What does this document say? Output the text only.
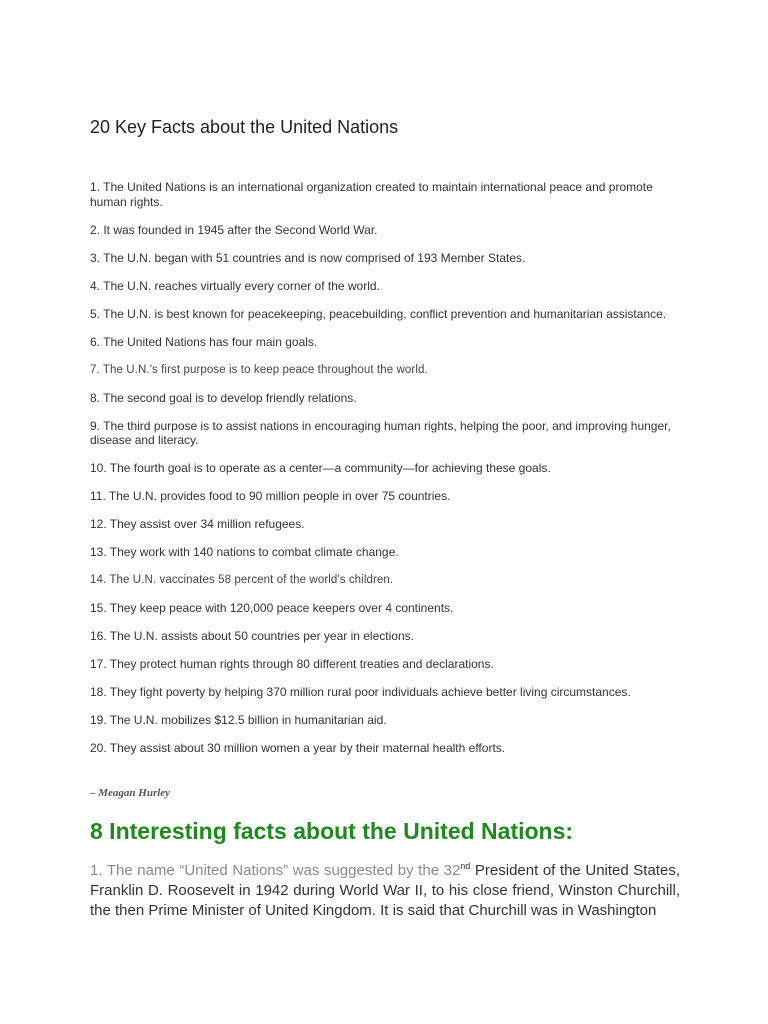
20 Key Facts about the United Nations
1. The United Nations is an international organization created to maintain international peace and promote human rights.
2. It was founded in 1945 after the Second World War.
3. The U.N. began with 51 countries and is now comprised of 193 Member States.
4. The U.N. reaches virtually every corner of the world.
5. The U.N. is best known for peacekeeping, peacebuilding, conflict prevention and humanitarian assistance.
6. The United Nations has four main goals.
7. The U.N.'s first purpose is to keep peace throughout the world.
8. The second goal is to develop friendly relations.
9. The third purpose is to assist nations in encouraging human rights, helping the poor, and improving hunger, disease and literacy.
10. The fourth goal is to operate as a center—a community—for achieving these goals.
11. The U.N. provides food to 90 million people in over 75 countries.
12. They assist over 34 million refugees.
13. They work with 140 nations to combat climate change.
14. The U.N. vaccinates 58 percent of the world's children.
15. They keep peace with 120,000 peace keepers over 4 continents.
16. The U.N. assists about 50 countries per year in elections.
17. They protect human rights through 80 different treaties and declarations.
18. They fight poverty by helping 370 million rural poor individuals achieve better living circumstances.
19. The U.N. mobilizes $12.5 billion in humanitarian aid.
20. They assist about 30 million women a year by their maternal health efforts.
– Meagan Hurley
8 Interesting facts about the United Nations:
1. The name “United Nations” was suggested by the 32nd President of the United States, Franklin D. Roosevelt in 1942 during World War II, to his close friend, Winston Churchill, the then Prime Minister of United Kingdom. It is said that Churchill was in Washington
